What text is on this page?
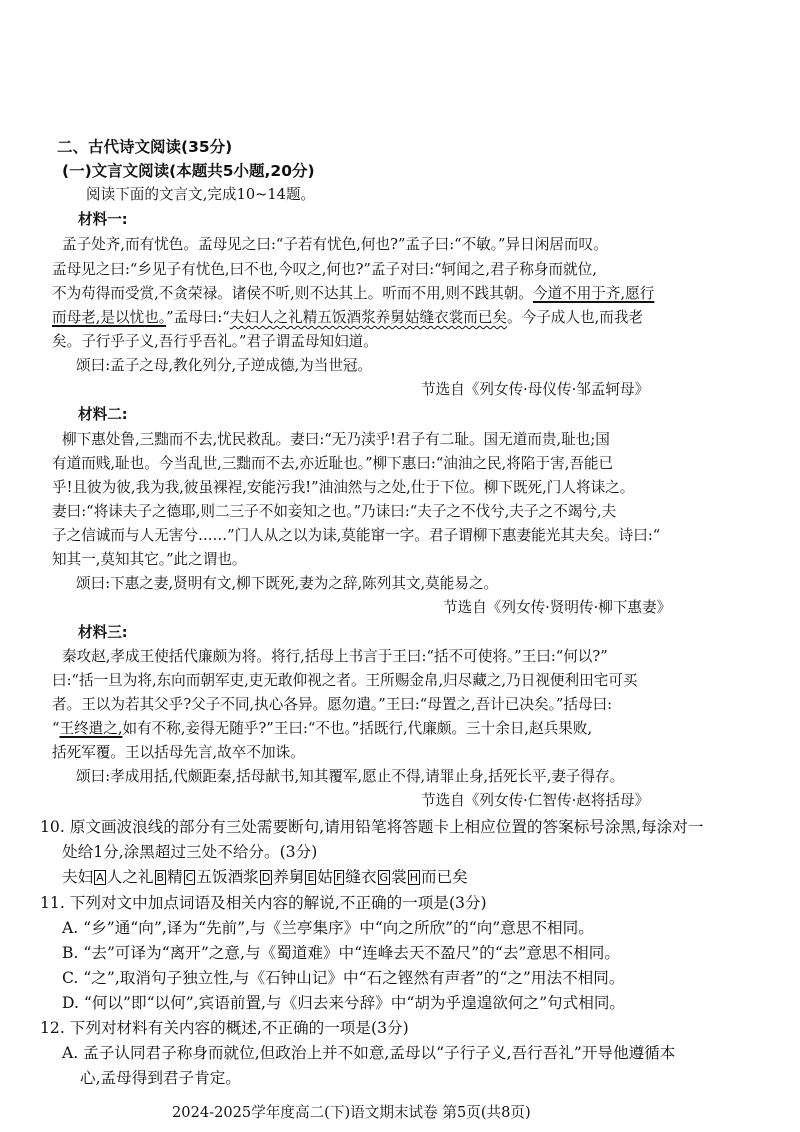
二、古代诗文阅读(35分)
(一)文言文阅读(本题共5小题,20分)
阅读下面的文言文,完成10~14题。
材料一:
孟子处齐,而有忧色。孟母见之曰:“子若有忧色,何也?”孟子曰:“不敏。”异日闲居而叹。
孟母见之曰:“乡见子有忧色,曰不也,今叹之,何也?”孟子对曰:“轲闻之,君子称身而就位,
不为苟得而受赏,不贪荣禄。诸侯不听,则不达其上。听而不用,则不践其朝。今道不用于齐,愿行
而母老,是以忧也。”孟母曰:“夫妇人之礼精五饭酒浆养舅姑缝衣裳而已矣。今子成人也,而我老
矣。子行乎子义,吾行乎吾礼。”君子谓孟母知妇道。
颂曰:孟子之母,教化列分,子逆成德,为当世冠。
节选自《列女传·母仪传·邹孟轲母》
材料二:
柳下惠处鲁,三黜而不去,忧民救乱。妻曰:“无乃渎乎!君子有二耻。国无道而贵,耻也;国
有道而贱,耻也。今当乱世,三黜而不去,亦近耻也。”柳下惠曰:“油油之民,将陷于害,吾能已
乎!且彼为彼,我为我,彼虽裸裎,安能污我!”油油然与之处,仕于下位。柳下既死,门人将诔之。
妻曰:“将诔夫子之德耶,则二三子不如妾知之也。”乃诔曰:“夫子之不伐兮,夫子之不竭兮,夫
子之信诚而与人无害兮……”门人从之以为诔,莫能窜一字。君子谓柳下惠妻能光其夫矣。诗曰:“
知其一,莫知其它。”此之谓也。
颂曰:下惠之妻,贤明有文,柳下既死,妻为之辞,陈列其文,莫能易之。
节选自《列女传·贤明传·柳下惠妻》
材料三:
秦攻赵,孝成王使括代廉颇为将。将行,括母上书言于王曰:“括不可使将。”王曰:“何以?”
曰:“括一旦为将,东向而朝军吏,吏无敢仰视之者。王所赐金帛,归尽藏之,乃日视便利田宅可买
者。王以为若其父乎?父子不同,执心各异。愿勿遣。”王曰:“母置之,吾计已决矣。”括母曰:
“王终遣之,如有不称,妾得无随乎?”王曰:“不也。”括既行,代廉颇。三十余日,赵兵果败,
括死军覆。王以括母先言,故卒不加诛。
颂曰:孝成用括,代颇距秦,括母献书,知其覆军,愿止不得,请罪止身,括死长平,妻子得存。
节选自《列女传·仁智传·赵将括母》
10. 原文画波浪线的部分有三处需要断句,请用铅笔将答题卡上相应位置的答案标号涂黑,每涂对一
处给1分,涂黑超过三处不给分。(3分)
夫妇 A 人之礼 B 精 C 五饭酒浆 D 养舅 E 姑 F 缝衣 G 裳 H 而已矣
11. 下列对文中加点词语及相关内容的解说,不正确的一项是(3分)
A. “乡”通“向”,译为“先前”,与《兰亭集序》中“向之所欣”的“向”意思不相同。
B. “去”可译为“离开”之意,与《蜀道难》中“连峰去天不盈尺”的“去”意思不相同。
C. “之”,取消句子独立性,与《石钟山记》中“石之铿然有声者”的“之”用法不相同。
D. “何以”即“以何”,宾语前置,与《归去来兮辞》中“胡为乎遑遑欲何之”句式相同。
12. 下列对材料有关内容的概述,不正确的一项是(3分)
A. 孟子认同君子称身而就位,但政治上并不如意,孟母以“子行子义,吾行吾礼”开导他遵循本
心,孟母得到君子肯定。
2024-2025学年度高二(下)语文期末试卷 第5页(共8页)
